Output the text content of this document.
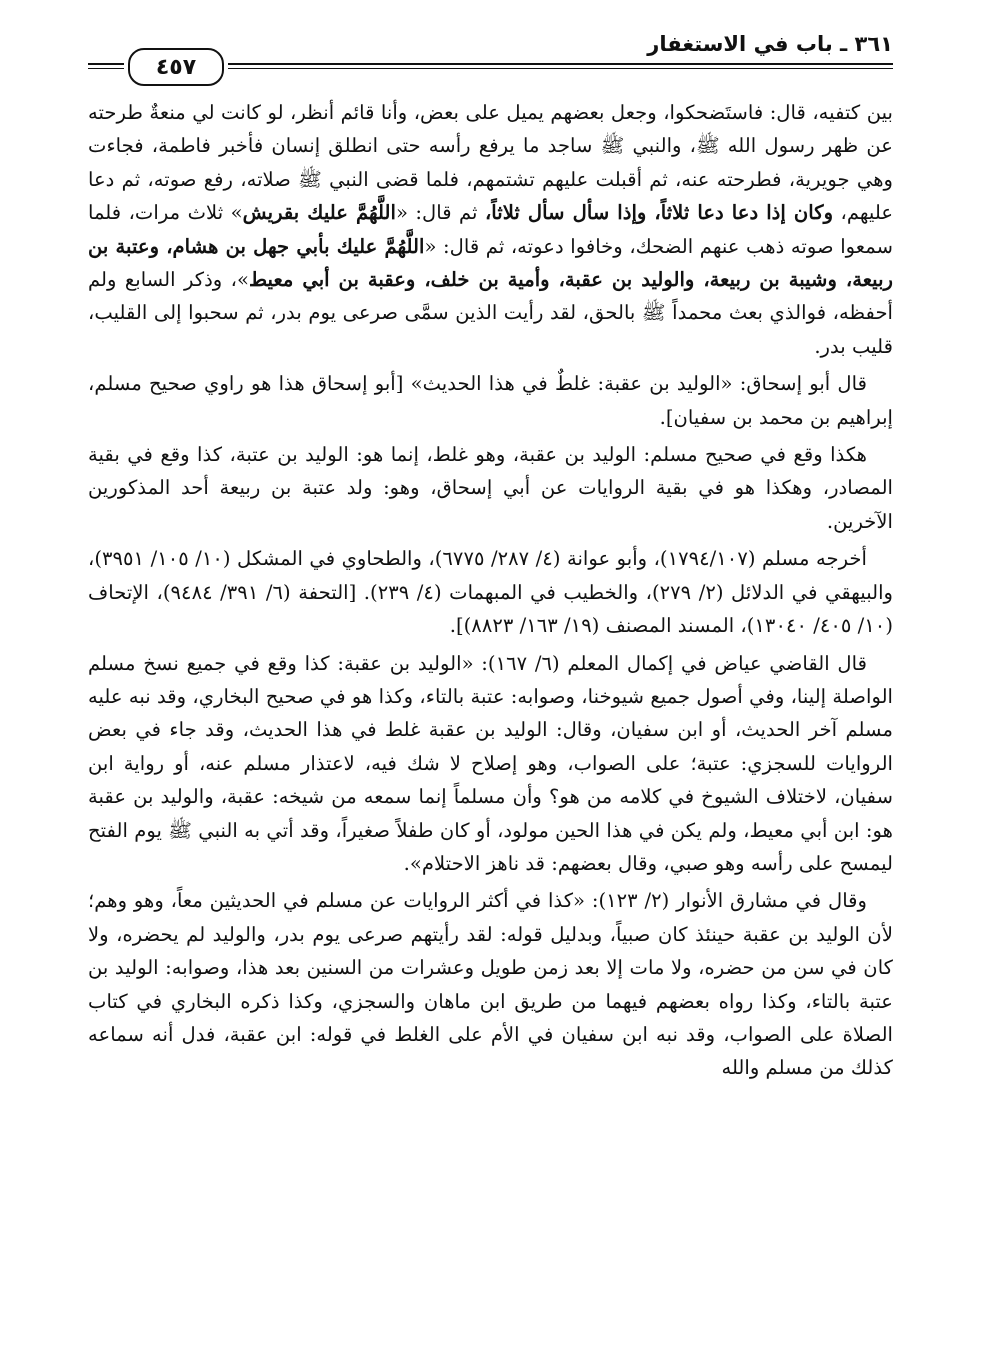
٣٦١ ـ باب في الاستغفار
٤٥٧

بين كتفيه، قال: فاستَضحكوا، وجعل بعضهم يميل على بعض، وأنا قائم أنظر، لو كانت لي منعةٌ طرحته عن ظهر رسول الله ﷺ، والنبي ﷺ ساجد ما يرفع رأسه حتى انطلق إنسان فأخبر فاطمة، فجاءت وهي جويرية، فطرحته عنه، ثم أقبلت عليهم تشتمهم، فلما قضى النبي ﷺ صلاته، رفع صوته، ثم دعا عليهم، وكان إذا دعا دعا ثلاثاً، وإذا سأل سأل ثلاثاً، ثم قال: «اللَّهُمَّ عليك بقريش» ثلاث مرات، فلما سمعوا صوته ذهب عنهم الضحك، وخافوا دعوته، ثم قال: «اللَّهُمَّ عليك بأبي جهل بن هشام، وعتبة بن ربيعة، وشيبة بن ربيعة، والوليد بن عقبة، وأمية بن خلف، وعقبة بن أبي معيط»، وذكر السابع ولم أحفظه، فوالذي بعث محمداً ﷺ بالحق، لقد رأيت الذين سمَّى صرعى يوم بدر، ثم سحبوا إلى القليب، قليب بدر.

قال أبو إسحاق: «الوليد بن عقبة: غلطٌ في هذا الحديث» [أبو إسحاق هذا هو راوي صحيح مسلم، إبراهيم بن محمد بن سفيان].

هكذا وقع في صحيح مسلم: الوليد بن عقبة، وهو غلط، إنما هو: الوليد بن عتبة، كذا وقع في بقية المصادر، وهكذا هو في بقية الروايات عن أبي إسحاق، وهو: ولد عتبة بن ربيعة أحد المذكورين الآخرين.

أخرجه مسلم (١٧٩٤/١٠٧)، وأبو عوانة (٤/ ٢٨٧/ ٦٧٧٥)، والطحاوي في المشكل (١٠/ ١٠٥/ ٣٩٥١)، والبيهقي في الدلائل (٢/ ٢٧٩)، والخطيب في المبهمات (٤/ ٢٣٩). [التحفة (٦/ ٣٩١/ ٩٤٨٤)، الإتحاف (١٠/ ٤٠٥/ ١٣٠٤٠)، المسند المصنف (١٩/ ١٦٣/ ٨٨٢٣)].

قال القاضي عياض في إكمال المعلم (٦/ ١٦٧): «الوليد بن عقبة: كذا وقع في جميع نسخ مسلم الواصلة إلينا، وفي أصول جميع شيوخنا، وصوابه: عتبة بالتاء، وكذا هو في صحيح البخاري، وقد نبه عليه مسلم آخر الحديث، أو ابن سفيان، وقال: الوليد بن عقبة غلط في هذا الحديث، وقد جاء في بعض الروايات للسجزي: عتبة؛ على الصواب، وهو إصلاح لا شك فيه، لاعتذار مسلم عنه، أو رواية ابن سفيان، لاختلاف الشيوخ في كلامه من هو؟ وأن مسلماً إنما سمعه من شيخه: عقبة، والوليد بن عقبة هو: ابن أبي معيط، ولم يكن في هذا الحين مولود، أو كان طفلاً صغيراً، وقد أتي به النبي ﷺ يوم الفتح ليمسح على رأسه وهو صبي، وقال بعضهم: قد ناهز الاحتلام».

وقال في مشارق الأنوار (٢/ ١٢٣): «كذا في أكثر الروايات عن مسلم في الحديثين معاً، وهو وهم؛ لأن الوليد بن عقبة حينئذ كان صبياً، وبدليل قوله: لقد رأيتهم صرعى يوم بدر، والوليد لم يحضره، ولا كان في سن من حضره، ولا مات إلا بعد زمن طويل وعشرات من السنين بعد هذا، وصوابه: الوليد بن عتبة بالتاء، وكذا رواه بعضهم فيهما من طريق ابن ماهان والسجزي، وكذا ذكره البخاري في كتاب الصلاة على الصواب، وقد نبه ابن سفيان في الأم على الغلط في قوله: ابن عقبة، فدل أنه سماعه كذلك من مسلم والله
